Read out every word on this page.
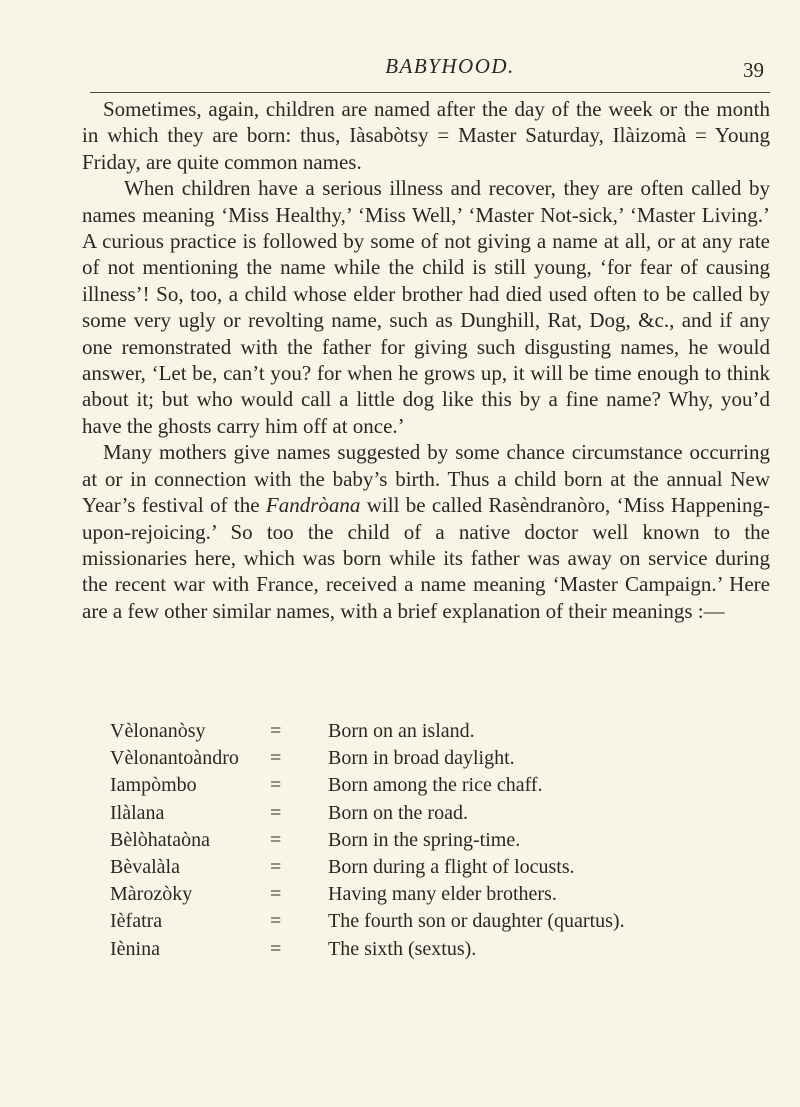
BABYHOOD.	39

Sometimes, again, children are named after the day of the week or the month in which they are born: thus, Iàsabòtsy = Master Saturday, Ilàizomà = Young Friday, are quite common names.

When children have a serious illness and recover, they are often called by names meaning ‘Miss Healthy,’ ‘Miss Well,’ ‘Master Not-sick,’ ‘Master Living.’ A curious practice is followed by some of not giving a name at all, or at any rate of not mentioning the name while the child is still young, ‘for fear of causing illness’! So, too, a child whose elder brother had died used often to be called by some very ugly or revolting name, such as Dunghill, Rat, Dog, &c., and if any one remonstrated with the father for giving such disgusting names, he would answer, ‘Let be, can’t you? for when he grows up, it will be time enough to think about it; but who would call a little dog like this by a fine name? Why, you’d have the ghosts carry him off at once.’

Many mothers give names suggested by some chance circumstance occurring at or in connection with the baby’s birth. Thus a child born at the annual New Year’s festival of the Fandròana will be called Rasèndranòro, ‘Miss Happening-upon-rejoicing.’ So too the child of a native doctor well known to the missionaries here, which was born while its father was away on service during the recent war with France, received a name meaning ‘Master Campaign.’ Here are a few other similar names, with a brief explanation of their meanings :—

Vèlonanòsy	=	Born on an island.
Vèlonantoàndro	=	Born in broad daylight.
Iampòmbo	=	Born among the rice chaff.
Ilàlana	=	Born on the road.
Bèlòhataòna	=	Born in the spring-time.
Bèvalàla	=	Born during a flight of locusts.
Màrozòky	=	Having many elder brothers.
Ièfatra	=	The fourth son or daughter (quartus).
Iènina	=	The sixth (sextus).
